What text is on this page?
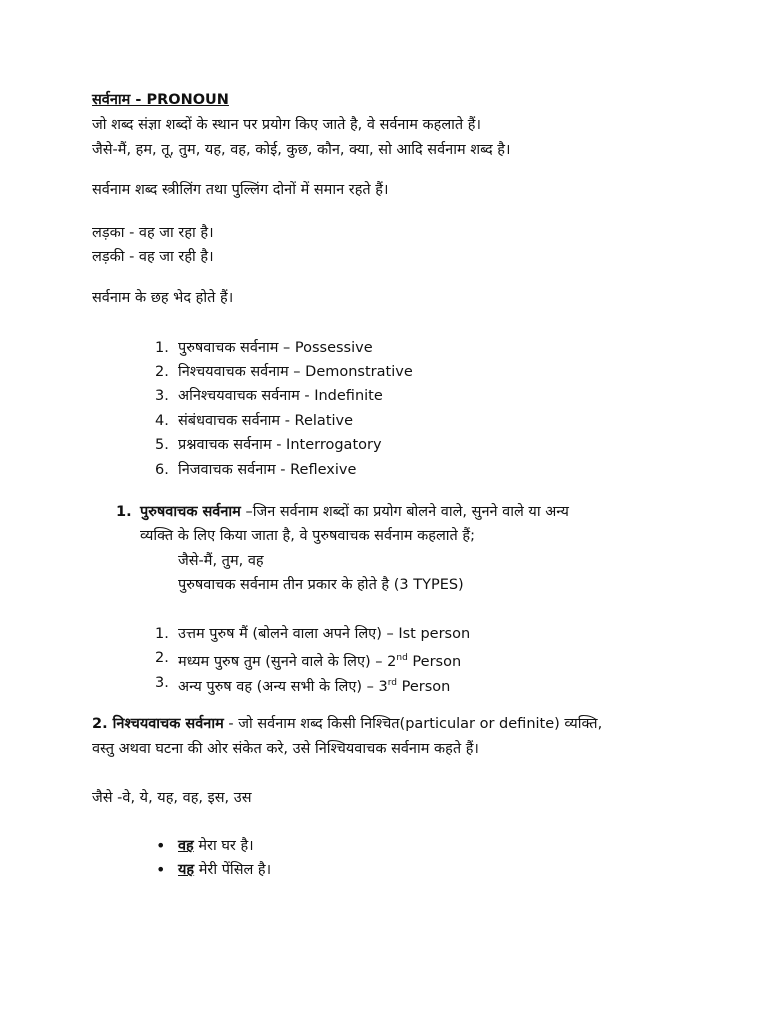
सर्वनाम - PRONOUN
जो शब्द संज्ञा शब्दों के स्थान पर प्रयोग किए जाते है, वे सर्वनाम कहलाते हैं।
जैसे-मैं, हम, तू, तुम, यह, वह, कोई, कुछ, कौन, क्या, सो आदि सर्वनाम शब्द है।
सर्वनाम शब्द स्त्रीलिंग तथा पुल्लिंग दोनों में समान रहते हैं।
लड़का - वह जा रहा है।
लड़की - वह जा रही है।
सर्वनाम के छह भेद होते हैं।
1. पुरुषवाचक सर्वनाम – Possessive
2. निश्चयवाचक सर्वनाम – Demonstrative
3. अनिश्चयवाचक सर्वनाम - Indefinite
4. संबंधवाचक सर्वनाम - Relative
5. प्रश्नवाचक सर्वनाम - Interrogatory
6. निजवाचक सर्वनाम - Reflexive
1. पुरुषवाचक सर्वनाम –जिन सर्वनाम शब्दों का प्रयोग बोलने वाले, सुनने वाले या अन्य
व्यक्ति के लिए किया जाता है, वे पुरुषवाचक सर्वनाम कहलाते हैं;
जैसे-मैं, तुम, वह
पुरुषवाचक सर्वनाम तीन प्रकार के होते है (3 TYPES)
1. उत्तम पुरुष मैं (बोलने वाला अपने लिए) – Ist person
2. मध्यम पुरुष तुम (सुनने वाले के लिए) – 2nd Person
3. अन्य पुरुष वह (अन्य सभी के लिए) – 3rd Person
2. निश्चयवाचक सर्वनाम - जो सर्वनाम शब्द किसी निश्चित(particular or definite) व्यक्ति,
वस्तु अथवा घटना की ओर संकेत करे, उसे निश्चियवाचक सर्वनाम कहते हैं।
जैसे -वे, ये, यह, वह, इस, उस
• वह मेरा घर है।
• यह मेरी पेंसिल है।
